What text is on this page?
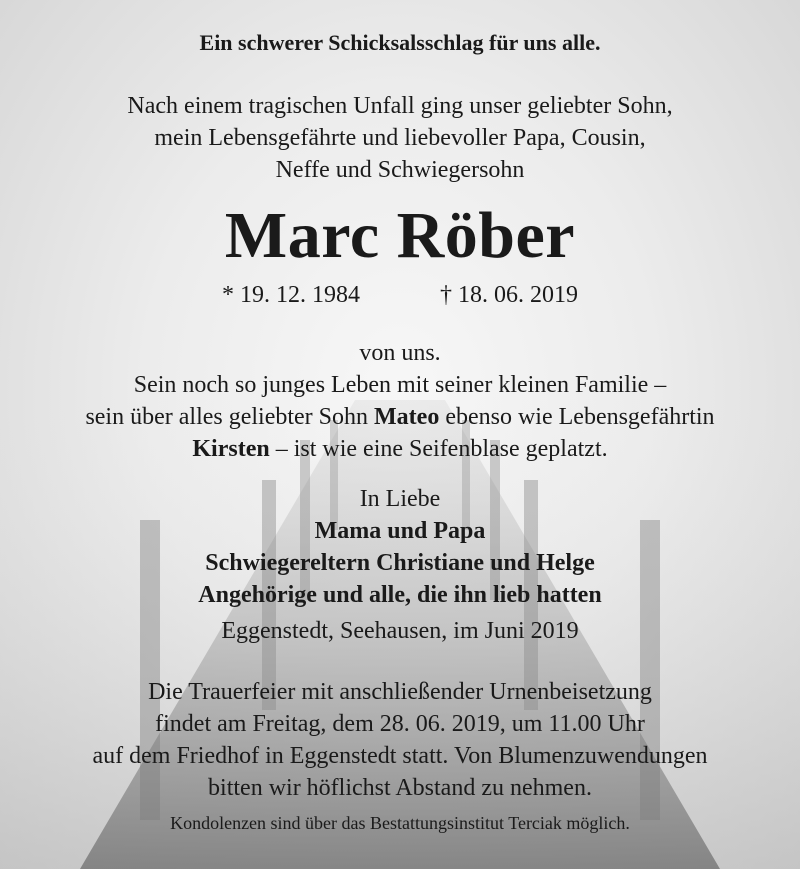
Ein schwerer Schicksalsschlag für uns alle.
Nach einem tragischen Unfall ging unser geliebter Sohn,
mein Lebensgefährte und liebevoller Papa, Cousin,
Neffe und Schwiegersohn
Marc Röber
* 19. 12. 1984	† 18. 06. 2019
von uns.
Sein noch so junges Leben mit seiner kleinen Familie –
sein über alles geliebter Sohn Mateo ebenso wie Lebensgefährtin
Kirsten – ist wie eine Seifenblase geplatzt.
In Liebe
Mama und Papa
Schwiegereltern Christiane und Helge
Angehörige und alle, die ihn lieb hatten
Eggenstedt, Seehausen, im Juni 2019
Die Trauerfeier mit anschließender Urnenbeisetzung
findet am Freitag, dem 28. 06. 2019, um 11.00 Uhr
auf dem Friedhof in Eggenstedt statt. Von Blumenzuwendungen
bitten wir höflichst Abstand zu nehmen.
Kondolenzen sind über das Bestattungsinstitut Terciak möglich.
